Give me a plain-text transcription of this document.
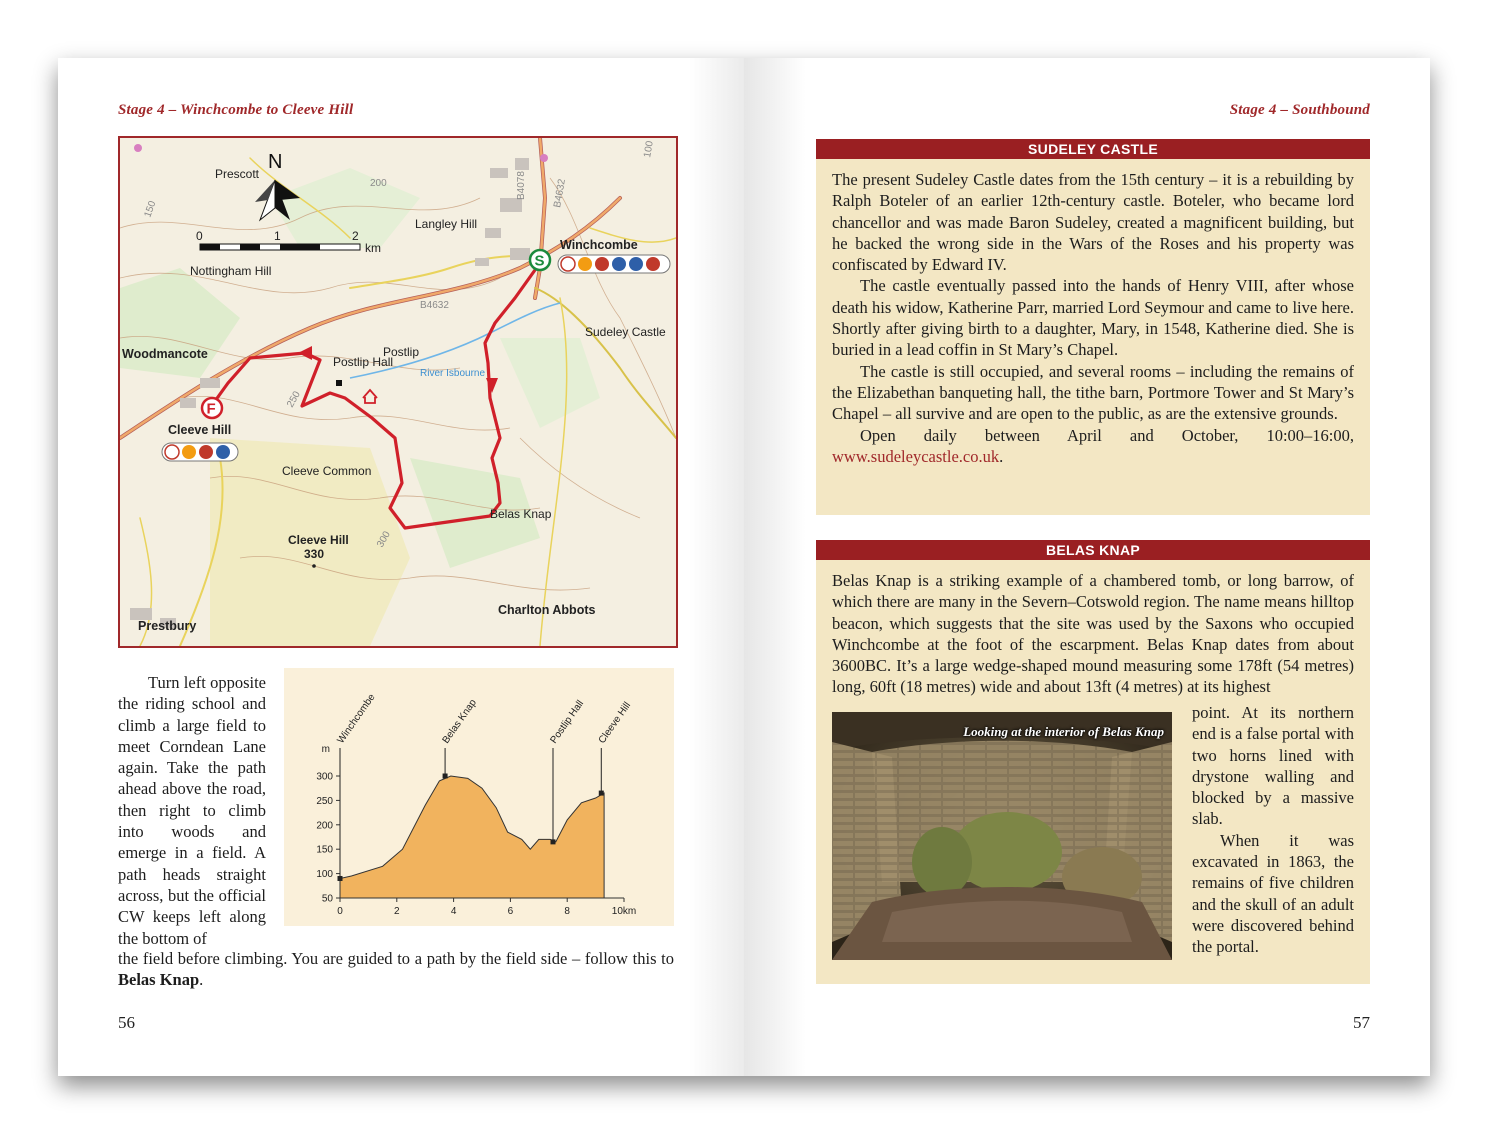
Stage 4 – Winchcombe to Cleeve Hill
N
0	1	2
km
Prescott
Langley Hill
Winchcombe
Nottingham Hill
Woodmancote
Postlip Hall
Postlip
River Isbourne
Sudeley Castle
Cleeve Hill
Cleeve Common
Belas Knap
Cleeve Hill
330
Prestbury
Charlton Abbots
B4632
B4078	B4632
150
200
250
300
100
S
F
50
100
150
200
250
300
m
0	2	4	6	8	10km
Winchcombe	Belas Knap	Postlip Hall Cleeve Hill
Turn left opposite the riding school and climb a large field to meet Corndean Lane again. Take the path ahead above the road, then right to climb into woods and emerge in a field. A path heads straight across, but the official CW keeps left along the bottom of
the field before climbing. You are guided to a path by the field side – follow this to Belas Knap.
56
Stage 4 – Southbound
SUDELEY CASTLE

The present Sudeley Castle dates from the 15th century – it is a rebuilding by Ralph Boteler of an earlier 12th-century castle. Boteler, who became lord chancellor and was made Baron Sudeley, created a magnificent building, but he backed the wrong side in the Wars of the Roses and his property was confiscated by Edward IV.

The castle eventually passed into the hands of Henry VIII, after whose death his widow, Katherine Parr, married Lord Seymour and came to live here. Shortly after giving birth to a daughter, Mary, in 1548, Katherine died. She is buried in a lead coffin in St Mary’s Chapel.

The castle is still occupied, and several rooms – including the remains of the Elizabethan banqueting hall, the tithe barn, Portmore Tower and St Mary’s Chapel – all survive and are open to the public, as are the extensive grounds.

Open daily between April and October, 10:00–16:00, www.sudeleycastle.co.uk.

BELAS KNAP

Belas Knap is a striking example of a chambered tomb, or long barrow, of which there are many in the Severn–Cotswold region. The name means hilltop beacon, which suggests that the site was used by the Saxons who occupied Winchcombe at the foot of the escarpment. Belas Knap dates from about 3600BC. It’s a large wedge-shaped mound measuring some 178ft (54 metres) long, 60ft (18 metres) wide and about 13ft (4 metres) at its highest

Looking at the interior of Belas Knap

point. At its northern end is a false portal with two horns lined with drystone walling and blocked by a massive slab.

When it was excavated in 1863, the remains of five children and the skull of an adult were discovered behind the portal.

57
